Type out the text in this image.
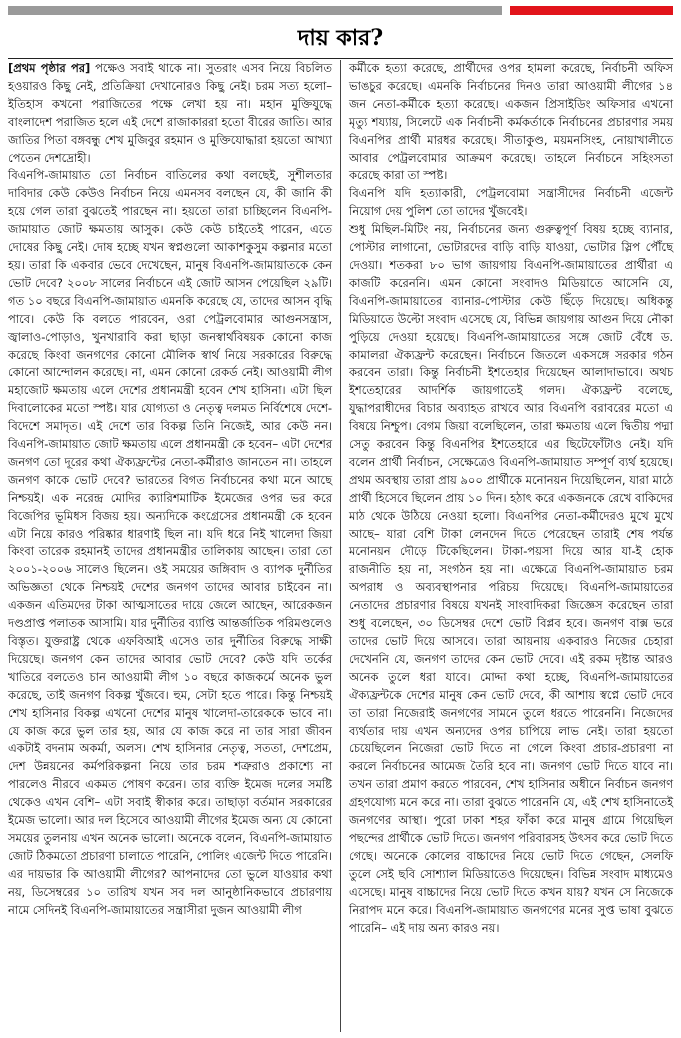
দায় কার?

[প্রথম পৃষ্ঠার পর] পক্ষেও সবাই থাকে না। সুতরাং এসব নিয়ে বিচলিত হওয়ারও কিছু নেই, প্রতিক্রিয়া দেখানোরও কিছু নেই। চরম সত্য হলো– ইতিহাস কখনো পরাজিতের পক্ষে লেখা হয় না। মহান মুক্তিযুদ্ধে বাংলাদেশ পরাজিত হলে এই দেশে রাজাকাররা হতো বীরের জাতি। আর জাতির পিতা বঙ্গবন্ধু শেখ মুজিবুর রহমান ও মুক্তিযোদ্ধারা হয়তো আখ্যা পেতেন দেশদ্রোহী।

বিএনপি-জামায়াত তো নির্বাচন বাতিলের কথা বলছেই, সুশীলতার দাবিদার কেউ কেউও নির্বাচন নিয়ে এমনসব বলছেন যে, কী জানি কী হয়ে গেল তারা বুঝতেই পারছেন না। হয়তো তারা চাচ্ছিলেন বিএনপি-জামায়াত জোট ক্ষমতায় আসুক। কেউ কেউ চাইতেই পারেন, এতে দোষের কিছু নেই। দোষ হচ্ছে যখন স্বপ্নগুলো আকাশকুসুম কল্পনার মতো হয়। তারা কি একবার ভেবে দেখেছেন, মানুষ বিএনপি-জামায়াতকে কেন ভোট দেবে? ২০০৮ সালের নির্বাচনে এই জোট আসন পেয়েছিল ২৯টি। গত ১০ বছরে বিএনপি-জামায়াত এমনকি করেছে যে, তাদের আসন বৃদ্ধি পাবে। কেউ কি বলতে পারবেন, ওরা পেট্রলবোমার আগুনসন্ত্রাস, জ্বালাও-পোড়াও, খুনখারাবি করা ছাড়া জনস্বার্থবিষয়ক কোনো কাজ করেছে কিংবা জনগণের কোনো মৌলিক স্বার্থ নিয়ে সরকারের বিরুদ্ধে কোনো আন্দোলন করেছে। না, এমন কোনো রেকর্ড নেই। আওয়ামী লীগ মহাজোট ক্ষমতায় এলে দেশের প্রধানমন্ত্রী হবেন শেখ হাসিনা। এটা ছিল দিবালোকের মতো স্পষ্ট। যার যোগ্যতা ও নেতৃত্ব দলমত নির্বিশেষে দেশে-বিদেশে সমাদৃত। এই দেশে তার বিকল্প তিনি নিজেই, আর কেউ নন। বিএনপি-জামায়াত জোট ক্ষমতায় এলে প্রধানমন্ত্রী কে হবেন– এটা দেশের জনগণ তো দূরের কথা ঐক্যফ্রন্টের নেতা-কর্মীরাও জানতেন না। তাহলে জনগণ কাকে ভোট দেবে? ভারতের বিগত নির্বাচনের কথা মনে আছে নিশ্চয়ই। এক নরেন্দ্র মোদির ক্যারিশমাটিক ইমেজের ওপর ভর করে বিজেপির ভূমিধস বিজয় হয়। অন্যদিকে কংগ্রেসের প্রধানমন্ত্রী কে হবেন এটা নিয়ে কারও পরিষ্কার ধারণাই ছিল না। যদি ধরে নিই খালেদা জিয়া কিংবা তারেক রহমানই তাদের প্রধানমন্ত্রীর তালিকায় আছেন। তারা তো ২০০১-২০০৬ সালেও ছিলেন। ওই সময়ের জঙ্গিবাদ ও ব্যাপক দুর্নীতির অভিজ্ঞতা থেকে নিশ্চয়ই দেশের জনগণ তাদের আবার চাইবেন না। একজন এতিমদের টাকা আত্মসাতের দায়ে জেলে আছেন, আরেকজন দণ্ডপ্রাপ্ত পলাতক আসামি। যার দুর্নীতির ব্যাপ্তি আন্তর্জাতিক পরিমণ্ডলেও বিস্তৃত। যুক্তরাষ্ট্র থেকে এফবিআই এসেও তার দুর্নীতির বিরুদ্ধে সাক্ষী দিয়েছে। জনগণ কেন তাদের আবার ভোট দেবে? কেউ যদি তর্কের খাতিরে বলতেও চান আওয়ামী লীগ ১০ বছরে কাজকর্মে অনেক ভুল করেছে, তাই জনগণ বিকল্প খুঁজবে। হুম, সেটা হতে পারে। কিন্তু নিশ্চয়ই শেখ হাসিনার বিকল্প এখনো দেশের মানুষ খালেদা-তারেককে ভাবে না। যে কাজ করে ভুল তার হয়, আর যে কাজ করে না তার সারা জীবন একটাই বদনাম অকর্মা, অলস। শেখ হাসিনার নেতৃত্ব, সততা, দেশপ্রেম, দেশ উন্নয়নের কর্মপরিকল্পনা নিয়ে তার চরম শত্রুরাও প্রকাশ্যে না পারলেও নীরবে একমত পোষণ করেন। তার ব্যক্তি ইমেজ দলের সমষ্টি থেকেও এখন বেশি– এটা সবাই স্বীকার করে। তাছাড়া বর্তমান সরকারের ইমেজ ভালো। আর দল হিসেবে আওয়ামী লীগের ইমেজ অন্য যে কোনো সময়ের তুলনায় এখন অনেক ভালো। অনেকে বলেন, বিএনপি-জামায়াত জোট ঠিকমতো প্রচারণা চালাতে পারেনি, পোলিং এজেন্ট দিতে পারেনি। এর দায়ভার কি আওয়ামী লীগের? আপনাদের তো ভুলে যাওয়ার কথা নয়, ডিসেম্বরের ১০ তারিখ যখন সব দল আনুষ্ঠানিকভাবে প্রচারণায় নামে সেদিনই বিএনপি-জামায়াতের সন্ত্রাসীরা দুজন আওয়ামী লীগ

কর্মীকে হত্যা করেছে, প্রার্থীদের ওপর হামলা করেছে, নির্বাচনী অফিস ভাঙচুর করেছে। এমনকি নির্বাচনের দিনও তারা আওয়ামী লীগের ১৪ জন নেতা-কর্মীকে হত্যা করেছে। একজন প্রিসাইডিং অফিসার এখনো মৃত্যু শয্যায়, সিলেটে এক নির্বাচনী কর্মকর্তাকে নির্বাচনের প্রচারণার সময় বিএনপির প্রার্থী মারধর করেছে। সীতাকুণ্ড, ময়মনসিংহ, নোয়াখালীতে আবার পেট্রলবোমার আক্রমণ করেছে। তাহলে নির্বাচনে সহিংসতা করেছে কারা তা স্পষ্ট।

বিএনপি যদি হত্যাকারী, পেট্রলবোমা সন্ত্রাসীদের নির্বাচনী এজেন্ট নিয়োগ দেয় পুলিশ তো তাদের খুঁজবেই।

শুধু মিছিল-মিটিং নয়, নির্বাচনের জন্য গুরুত্বপূর্ণ বিষয় হচ্ছে ব্যানার, পোস্টার লাগানো, ভোটারদের বাড়ি বাড়ি যাওয়া, ভোটার স্লিপ পৌঁছে দেওয়া। শতকরা ৮০ ভাগ জায়গায় বিএনপি-জামায়াতের প্রার্থীরা এ কাজটি করেননি। এমন কোনো সংবাদও মিডিয়াতে আসেনি যে, বিএনপি-জামায়াতের ব্যানার-পোস্টার কেউ ছিঁড়ে দিয়েছে। অধিকন্তু মিডিয়াতে উল্টো সংবাদ এসেছে যে, বিভিন্ন জায়গায় আগুন দিয়ে নৌকা পুড়িয়ে দেওয়া হয়েছে। বিএনপি-জামায়াতের সঙ্গে জোট বেঁধে ড. কামালরা ঐক্যফ্রন্ট করেছেন। নির্বাচনে জিতলে একসঙ্গে সরকার গঠন করবেন তারা। কিন্তু নির্বাচনী ইশতেহার দিয়েছেন আলাদাভাবে। অথচ ইশতেহারের আদর্শিক জায়গাতেই গলদ। ঐক্যফ্রন্ট বলেছে, যুদ্ধাপরাধীদের বিচার অব্যাহত রাখবে আর বিএনপি বরাবরের মতো এ বিষয়ে নিশ্চুপ। বেগম জিয়া বলেছিলেন, তারা ক্ষমতায় এলে দ্বিতীয় পদ্মা সেতু করবেন কিন্তু বিএনপির ইশতেহারে এর ছিটেফোঁটাও নেই। যদি বলেন প্রার্থী নির্বাচন, সেক্ষেত্রেও বিএনপি-জামায়াত সম্পূর্ণ ব্যর্থ হয়েছে। প্রথম অবস্থায় তারা প্রায় ৯০০ প্রার্থীকে মনোনয়ন দিয়েছিলেন, যারা মাঠে প্রার্থী হিসেবে ছিলেন প্রায় ১০ দিন। হঠাৎ করে একজনকে রেখে বাকিদের মাঠ থেকে উঠিয়ে নেওয়া হলো। বিএনপির নেতা-কর্মীদেরও মুখে মুখে আছে– যারা বেশি টাকা লেনদেন দিতে পেরেছেন তারাই শেষ পর্যন্ত মনোনয়ন দৌড়ে টিকেছিলেন। টাকা-পয়সা দিয়ে আর যা-ই হোক রাজনীতি হয় না, সংগঠন হয় না। এক্ষেত্রে বিএনপি-জামায়াত চরম অপরাধ ও অব্যবস্থাপনার পরিচয় দিয়েছে। বিএনপি-জামায়াতের নেতাদের প্রচারণার বিষয়ে যখনই সাংবাদিকরা জিজ্ঞেস করেছেন তারা শুধু বলেছেন, ৩০ ডিসেম্বর দেশে ভোট বিপ্লব হবে। জনগণ বাক্স ভরে তাদের ভোট দিয়ে আসবে। তারা আয়নায় একবারও নিজের চেহারা দেখেননি যে, জনগণ তাদের কেন ভোট দেবে। এই রকম দৃষ্টান্ত আরও অনেক তুলে ধরা যাবে। মোদ্দা কথা হচ্ছে, বিএনপি-জামায়াতের ঐক্যফ্রন্টকে দেশের মানুষ কেন ভোট দেবে, কী আশায় স্বপ্নে ভোট দেবে তা তারা নিজেরাই জনগণের সামনে তুলে ধরতে পারেননি। নিজেদের ব্যর্থতার দায় এখন অন্যদের ওপর চাপিয়ে লাভ নেই। তারা হয়তো চেয়েছিলেন নিজেরা ভোট দিতে না গেলে কিংবা প্রচার-প্রচারণা না করলে নির্বাচনের আমেজ তৈরি হবে না। জনগণ ভোট দিতে যাবে না। তখন তারা প্রমাণ করতে পারবেন, শেখ হাসিনার অধীনে নির্বাচন জনগণ গ্রহণযোগ্য মনে করে না। তারা বুঝতে পারেননি যে, এই শেখ হাসিনাতেই জনগণের আস্থা। পুরো ঢাকা শহর ফাঁকা করে মানুষ গ্রামে গিয়েছিল পছন্দের প্রার্থীকে ভোট দিতে। জনগণ পরিবারসহ উৎসব করে ভোট দিতে গেছে। অনেকে কোলের বাচ্চাদের নিয়ে ভোট দিতে গেছেন, সেলফি তুলে সেই ছবি সোশ্যাল মিডিয়াতেও দিয়েছেন। বিভিন্ন সংবাদ মাধ্যমেও এসেছে। মানুষ বাচ্চাদের নিয়ে ভোট দিতে কখন যায়? যখন সে নিজেকে নিরাপদ মনে করে। বিএনপি-জামায়াত জনগণের মনের সুপ্ত ভাষা বুঝতে পারেনি– এই দায় অন্য কারও নয়।
